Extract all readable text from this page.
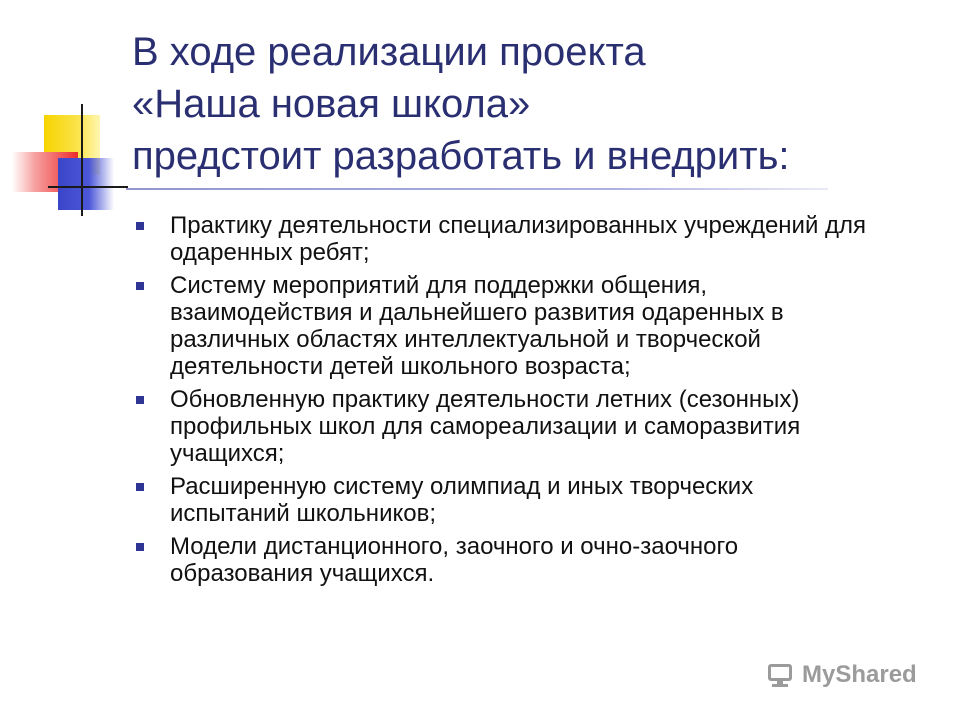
В ходе реализации проекта
«Наша новая школа»
предстоит разработать и внедрить:
Практику деятельности специализированных учреждений для одаренных ребят;
Систему мероприятий для поддержки общения, взаимодействия и дальнейшего развития одаренных в различных областях интеллектуальной и творческой деятельности детей школьного возраста;
Обновленную практику деятельности летних (сезонных) профильных школ для самореализации и саморазвития учащихся;
Расширенную систему олимпиад и иных творческих испытаний школьников;
Модели дистанционного, заочного и очно-заочного образования учащихся.
MyShared
